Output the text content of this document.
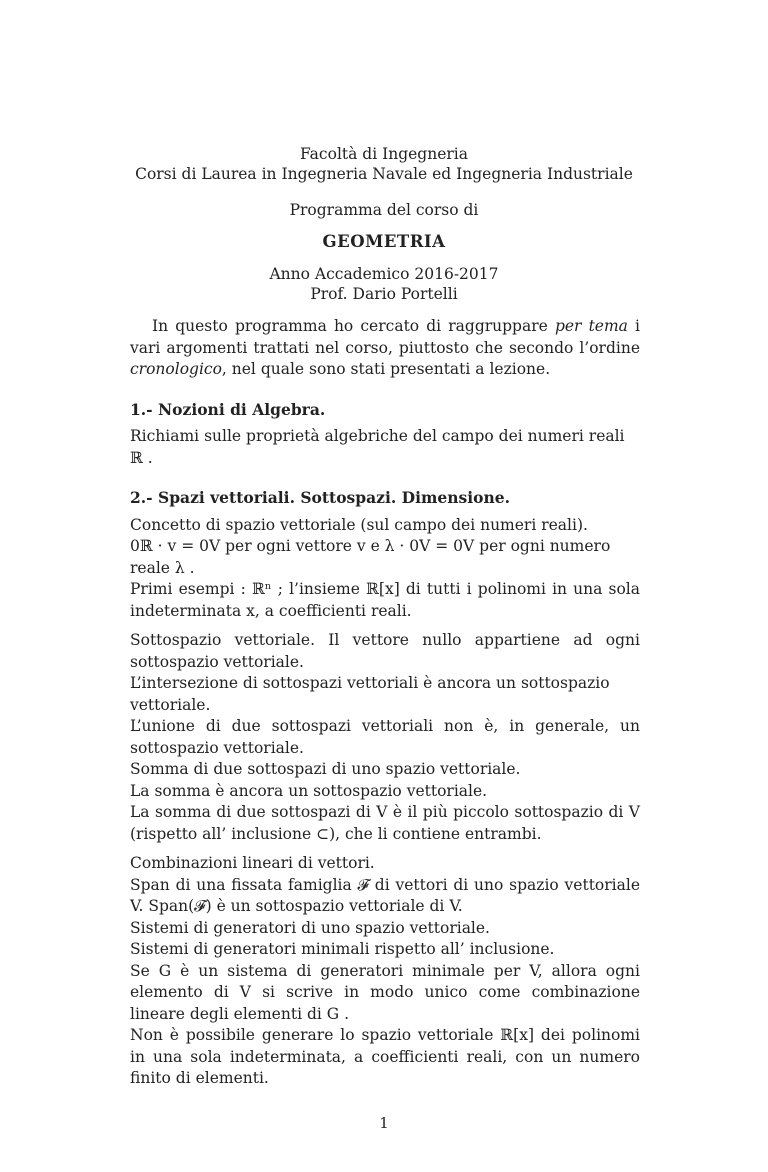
Facoltà di Ingegneria
Corsi di Laurea in Ingegneria Navale ed Ingegneria Industriale
Programma del corso di
GEOMETRIA
Anno Accademico 2016-2017
Prof. Dario Portelli
In questo programma ho cercato di raggruppare per tema i vari argomenti trattati nel corso, piuttosto che secondo l’ordine cronologico, nel quale sono stati presentati a lezione.

1.- Nozioni di Algebra.

Richiami sulle proprietà algebriche del campo dei numeri reali ℝ .

2.- Spazi vettoriali. Sottospazi. Dimensione.

Concetto di spazio vettoriale (sul campo dei numeri reali).

0ℝ · v = 0V per ogni vettore v e λ · 0V = 0V per ogni numero reale λ .

Primi esempi : ℝⁿ ; l’insieme ℝ[x] di tutti i polinomi in una sola indeterminata x, a coefficienti reali.

Sottospazio vettoriale. Il vettore nullo appartiene ad ogni sottospazio vettoriale.

L’intersezione di sottospazi vettoriali è ancora un sottospazio vettoriale.

L’unione di due sottospazi vettoriali non è, in generale, un sottospazio vettoriale.

Somma di due sottospazi di uno spazio vettoriale.

La somma è ancora un sottospazio vettoriale.

La somma di due sottospazi di V è il più piccolo sottospazio di V (rispetto all’ inclusione ⊂), che li contiene entrambi.

Combinazioni lineari di vettori.

Span di una fissata famiglia 𝓕 di vettori di uno spazio vettoriale V. Span(𝓕) è un sottospazio vettoriale di V.

Sistemi di generatori di uno spazio vettoriale.

Sistemi di generatori minimali rispetto all’ inclusione.

Se G è un sistema di generatori minimale per V, allora ogni elemento di V si scrive in modo unico come combinazione lineare degli elementi di G .

Non è possibile generare lo spazio vettoriale ℝ[x] dei polinomi in una sola indeterminata, a coefficienti reali, con un numero finito di elementi.

1
